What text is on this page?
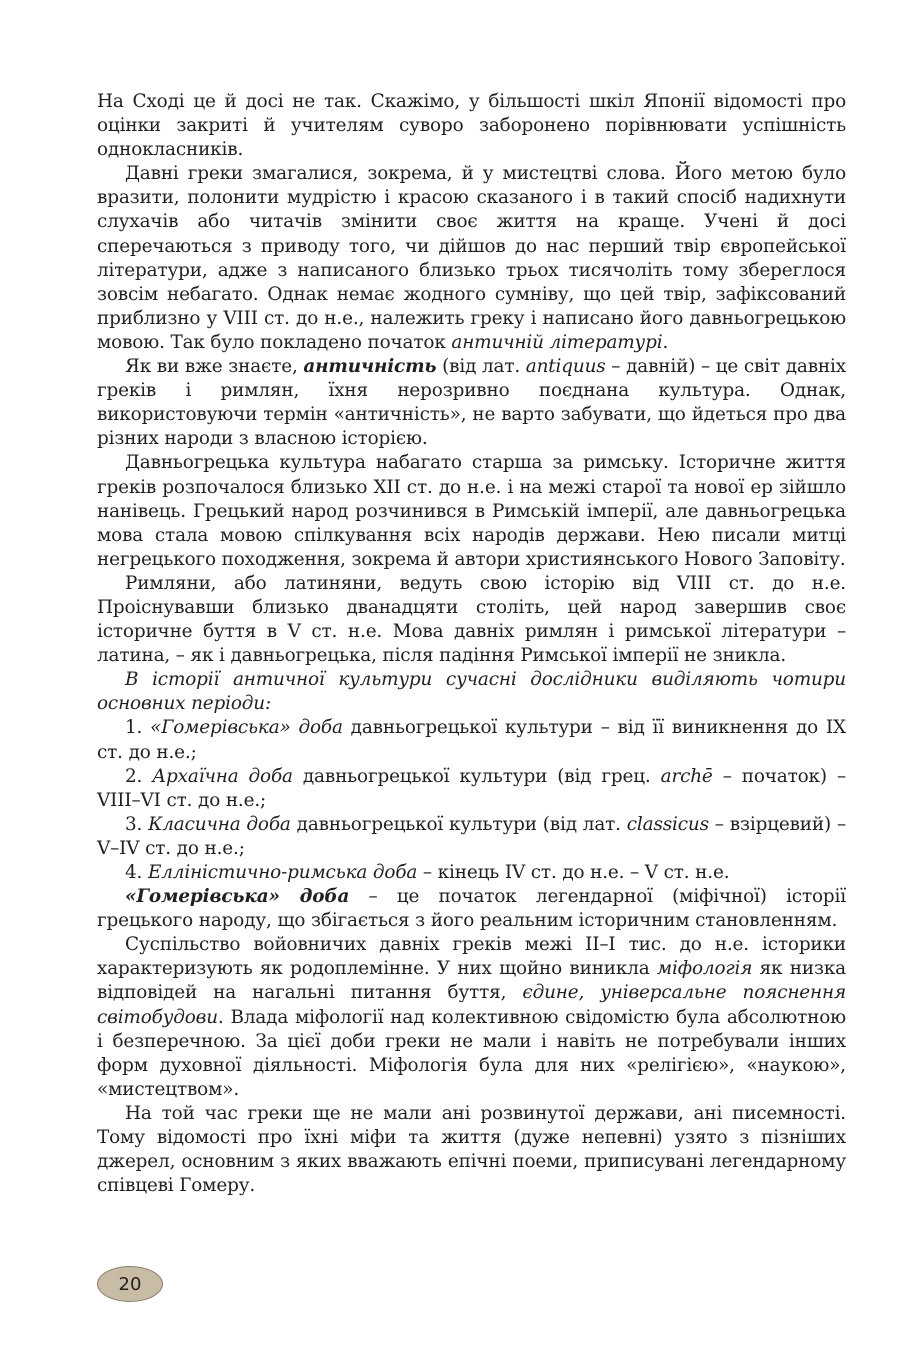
На Сході це й досі не так. Скажімо, у більшості шкіл Японії відомості про оцінки закриті й учителям суворо заборонено порівнювати успішність однокласників.

Давні греки змагалися, зокрема, й у мистецтві слова. Його метою було вразити, полонити мудрістю і красою сказаного і в такий спосіб надихнути слухачів або читачів змінити своє життя на краще. Учені й досі сперечаються з приводу того, чи дійшов до нас перший твір європейської літератури, адже з написаного близько трьох тисячоліть тому збереглося зовсім небагато. Однак немає жодного сумніву, що цей твір, зафіксований приблизно у VIII ст. до н.е., належить греку і написано його давньогрецькою мовою. Так було покладено початок античній літературі.

Як ви вже знаєте, античність (від лат. antiquus – давній) – це світ давніх греків і римлян, їхня нерозривно поєднана культура. Однак, використовуючи термін «античність», не варто забувати, що йдеться про два різних народи з власною історією.

Давньогрецька культура набагато старша за римську. Історичне життя греків розпочалося близько XII ст. до н.е. і на межі старої та нової ер зійшло нанівець. Грецький народ розчинився в Римській імперії, але давньогрецька мова стала мовою спілкування всіх народів держави. Нею писали митці негрецького походження, зокрема й автори християнського Нового Заповіту.

Римляни, або латиняни, ведуть свою історію від VIII ст. до н.е. Проіснувавши близько дванадцяти століть, цей народ завершив своє історичне буття в V ст. н.е. Мова давніх римлян і римської літератури – латина, – як і давньогрецька, після падіння Римської імперії не зникла.

В історії античної культури сучасні дослідники виділяють чотири основних періоди:

1. «Гомерівська» доба давньогрецької культури – від її виникнення до IX ст. до н.е.;

2. Архаїчна доба давньогрецької культури (від грец. archē – початок) – VIII–VI ст. до н.е.;

3. Класична доба давньогрецької культури (від лат. classicus – взірцевий) – V–IV ст. до н.е.;

4. Елліністично-римська доба – кінець IV ст. до н.е. – V ст. н.е.

«Гомерівська» доба – це початок легендарної (міфічної) історії грецького народу, що збігається з його реальним історичним становленням.

Суспільство войовничих давніх греків межі II–I тис. до н.е. історики характеризують як родоплемінне. У них щойно виникла міфологія як низка відповідей на нагальні питання буття, єдине, універсальне пояснення світобудови. Влада міфології над колективною свідомістю була абсолютною і безперечною. За цієї доби греки не мали і навіть не потребували інших форм духовної діяльності. Міфологія була для них «релігією», «наукою», «мистецтвом».

На той час греки ще не мали ані розвинутої держави, ані писемності. Тому відомості про їхні міфи та життя (дуже непевні) узято з пізніших джерел, основним з яких вважають епічні поеми, приписувані легендарному співцеві Гомеру.

20
